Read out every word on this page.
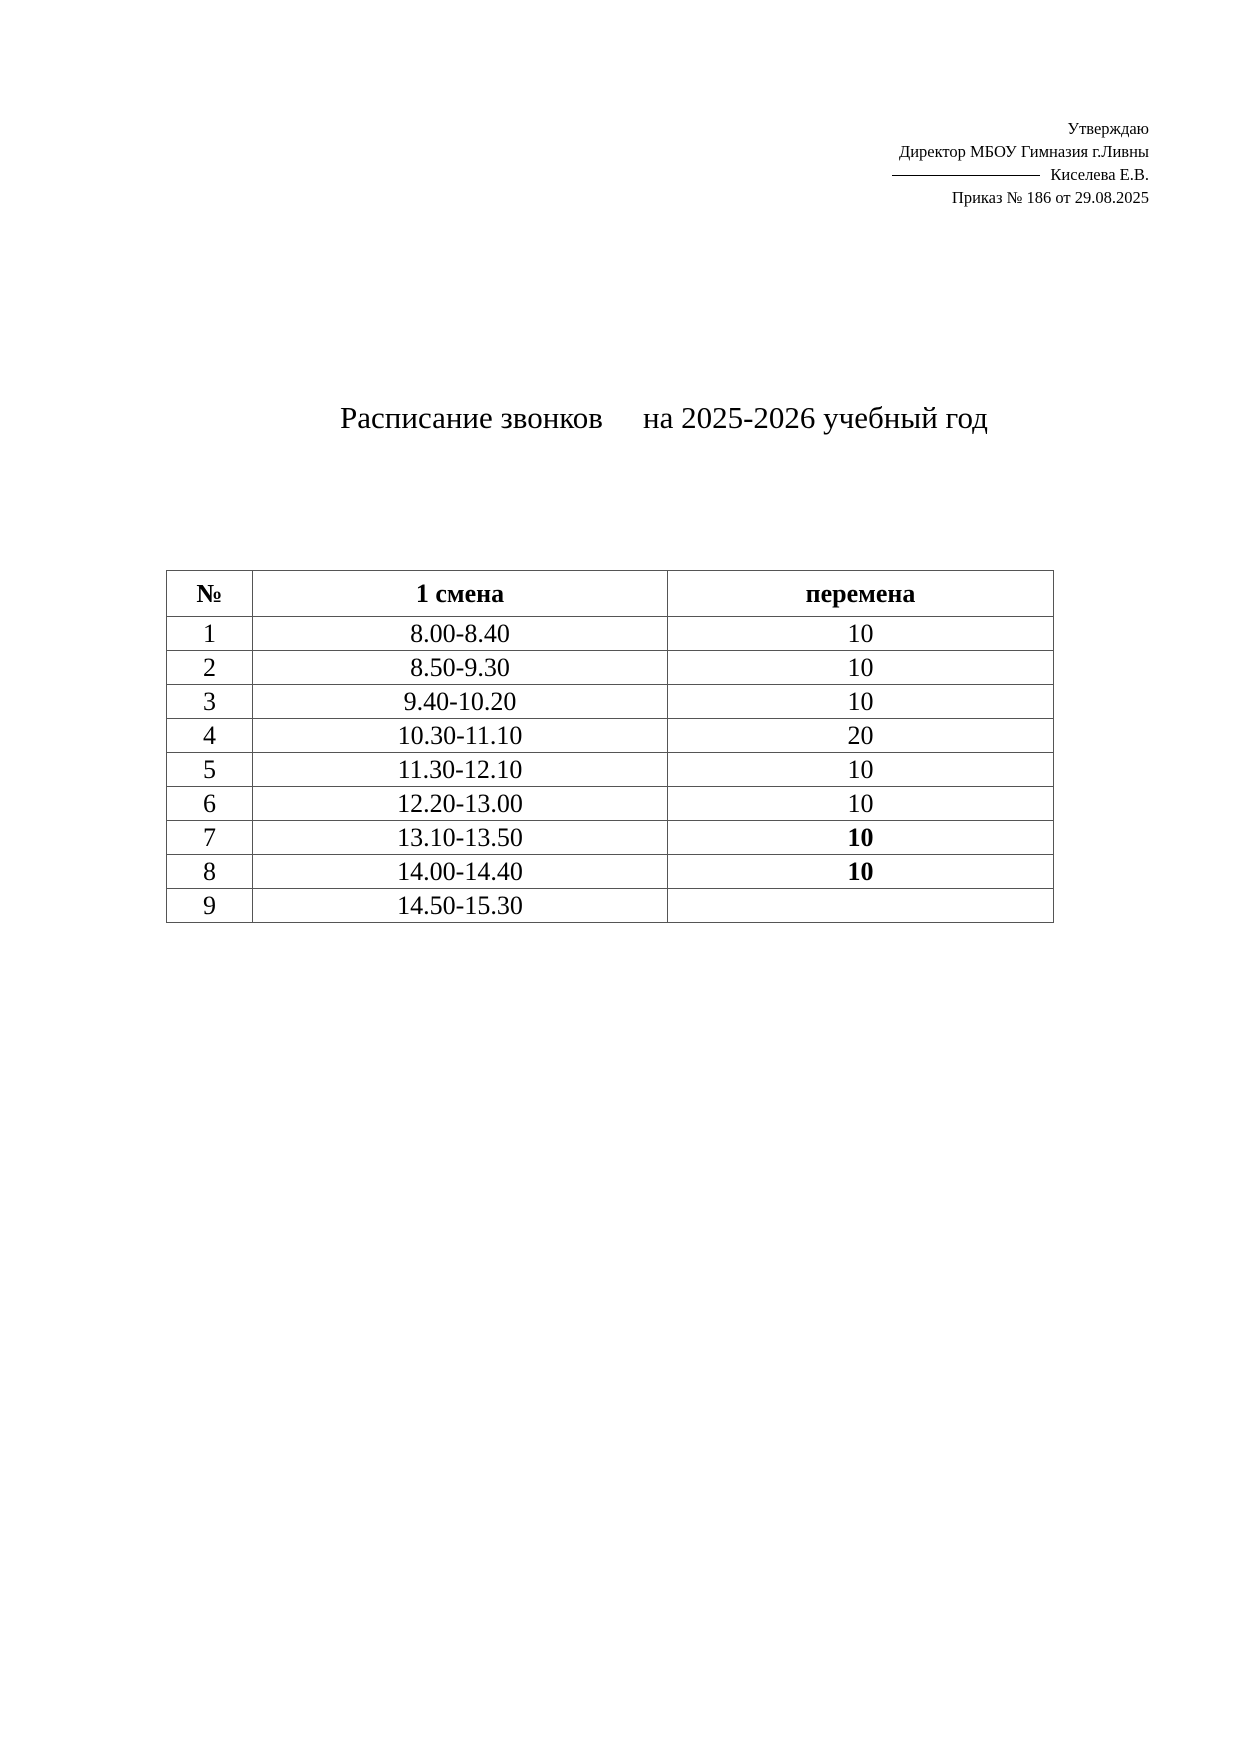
Утверждаю
Директор МБОУ Гимназия г.Ливны
Киселева Е.В.
Приказ № 186 от 29.08.2025
Расписание звонков на 2025-2026 учебный год
№	1 смена	перемена
1	8.00-8.40	10
2	8.50-9.30	10
3	9.40-10.20	10
4	10.30-11.10	20
5	11.30-12.10	10
6	12.20-13.00	10
7	13.10-13.50	10
8	14.00-14.40	10
9	14.50-15.30	
